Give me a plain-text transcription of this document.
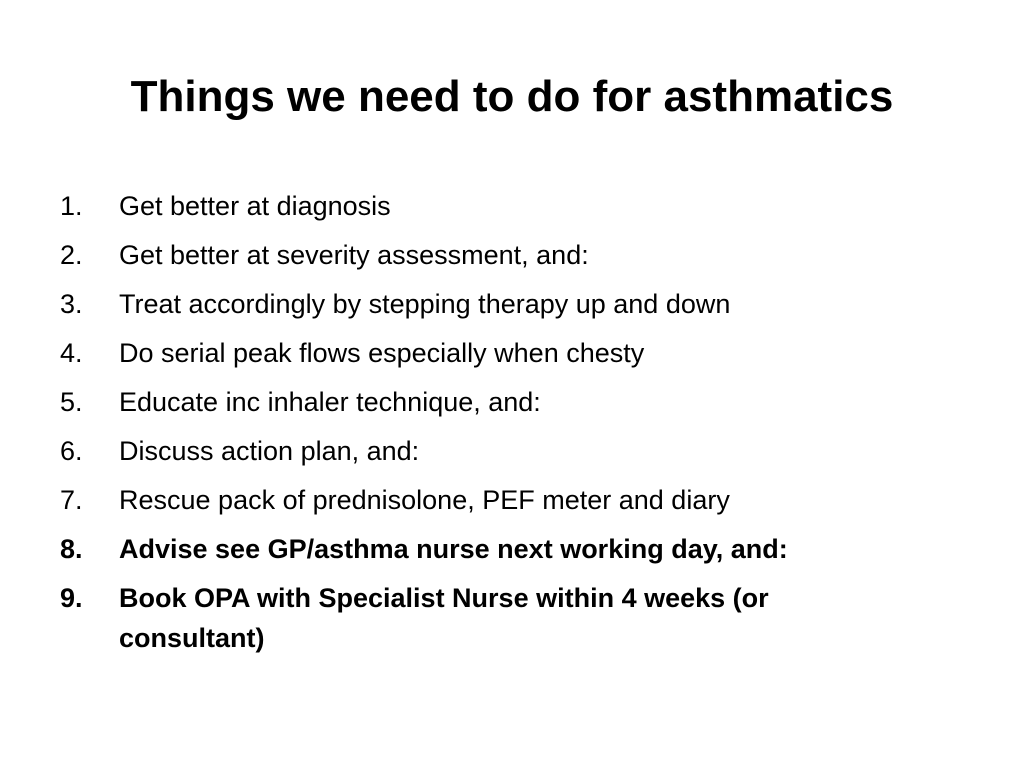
Things we need to do for asthmatics
1.	Get better at diagnosis
2.	Get better at severity assessment, and:
3.	Treat accordingly by stepping therapy up and down
4.	Do serial peak flows especially when chesty
5.	Educate inc inhaler technique, and:
6.	Discuss action plan, and:
7.	Rescue pack of prednisolone, PEF meter and diary
8.	Advise see GP/asthma nurse next working day, and:
9.	Book OPA with Specialist Nurse within 4 weeks (or consultant)
